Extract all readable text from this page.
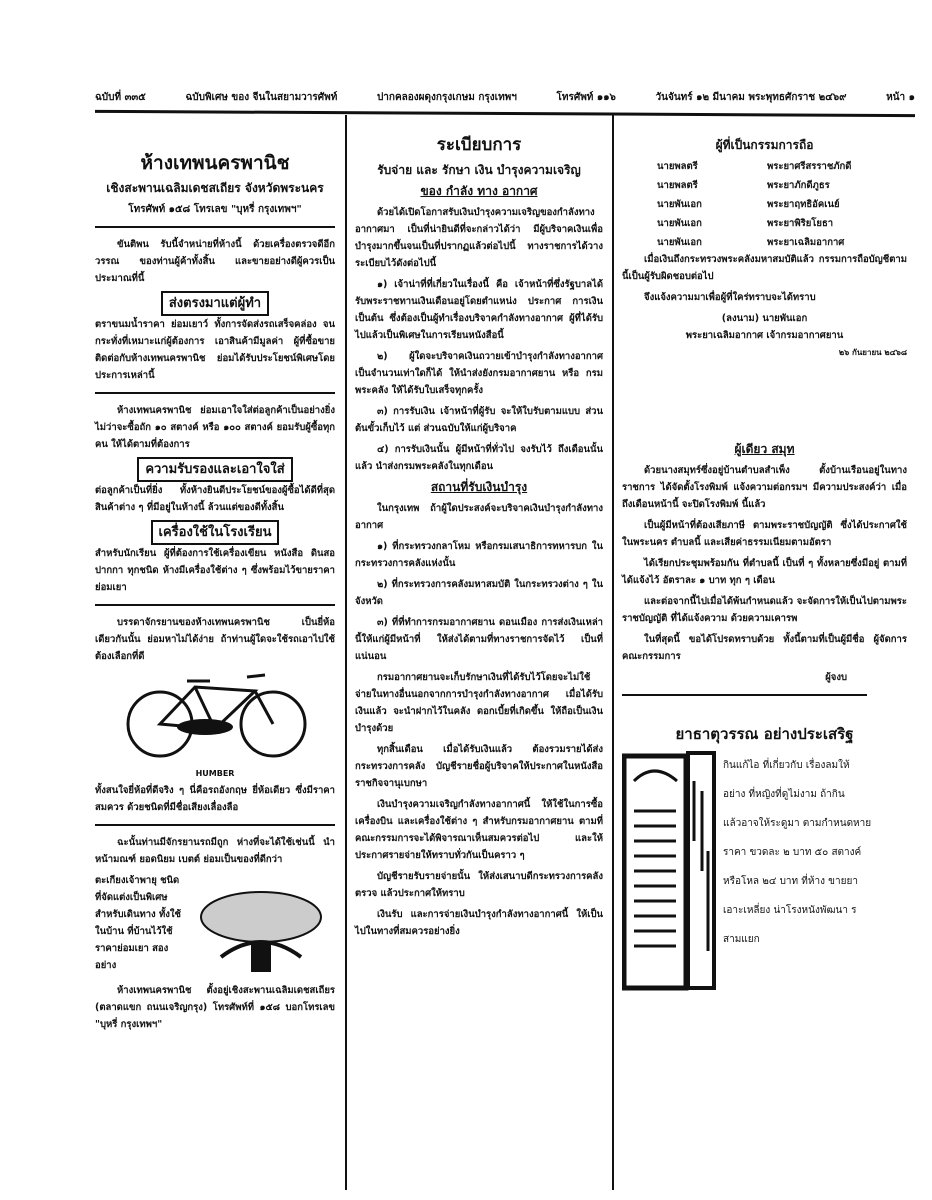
ฉบับที่ ๓๓๕	ฉบับพิเศษ ของ จีนในสยามวารศัพท์	ปากคลองผดุงกรุงเกษม กรุงเทพฯ	โทรศัพท์ ๑๑๖	วันจันทร์ ๑๒ มีนาคม พระพุทธศักราช ๒๔๖๙	หน้า ๑
ห้างเทพนครพานิช
เชิงสะพานเฉลิมเดชสเถียร จังหวัดพระนคร
โทรศัพท์ ๑๕๘ โทรเลข "บุหรี่ กรุงเทพฯ"

ขันติพน รับนี้จำหน่ายที่ห้างนี้ ด้วยเครื่องตรวจดีอีกวรรณ ของท่านผู้ค้าทั้งสิ้น และขายอย่างดีผู้ควรเป็นประมาณที่นี้

ส่งตรงมาแต่ผู้ทำ

ตราขนมน้ำราคา ย่อมเยาว์ ทั้งการจัดส่งรถเสร็จคล่อง จนกระทั่งที่เหมาะแก่ผู้ต้องการ เอาสินค้ามีมูลค่า ผู้ที่ซื้อขายติดต่อกับห้างเทพนครพานิช ย่อมได้รับประโยชน์พิเศษโดยประการเหล่านี้

ห้างเทพนครพานิช ย่อมเอาใจใส่ต่อลูกค้าเป็นอย่างยิ่ง ไม่ว่าจะซื้อถัก ๑๐ สตางค์ หรือ ๑๐๐ สตางค์ ยอมรับผู้ซื้อทุกคน ให้ได้ตามที่ต้องการ

ความรับรองและเอาใจใส่

ต่อลูกค้าเป็นที่ยิ่ง ทั้งห้างยินดีประโยชน์ของผู้ซื้อได้ดีที่สุด สินค้าต่าง ๆ ที่มีอยู่ในห้างนี้ ล้วนแต่ของดีทั้งสิ้น

เครื่องใช้ในโรงเรียน

สำหรับนักเรียน ผู้ที่ต้องการใช้เครื่องเขียน หนังสือ ดินสอ ปากกา ทุกชนิด ห้างมีเครื่องใช้ต่าง ๆ ซึ่งพร้อมไว้ขายราคาย่อมเยา

บรรดาจักรยานของห้างเทพนครพานิช เป็นยี่ห้อเดียวกันนั้น ย่อมหาไม่ได้ง่าย ถ้าท่านผู้ใดจะใช้รถเอาไปใช้ต้องเลือกที่ดี

HUMBER

ทั้งสนใจยี่ห้อที่ดีจริง ๆ นี่คือรถอังกฤษ ยี่ห้อเดียว ซึ่งมีราคาสมควร ด้วยชนิดที่มีชื่อเสียงเลื่องลือ

ฉะนั้นท่านมีจักรยานรถมีถูก ห่างที่จะได้ใช้เช่นนี้ นำหน้ามณฑ์ ยอดนิยม เบตต์ ย่อมเป็นของที่ดีกว่า

ตะเกียงเจ้าพายุ ชนิดที่จัดแต่งเป็นพิเศษ สำหรับเดินทาง ทั้งใช้ในบ้าน ที่บ้านไว้ใช้ ราคาย่อมเยา สองอย่าง

ห้างเทพนครพานิช ตั้งอยู่เชิงสะพานเฉลิมเดชสเถียร (ตลาดแขก ถนนเจริญกรุง) โทรศัพท์ที่ ๑๕๘ บอกโทรเลข "บุหรี่ กรุงเทพฯ"

ระเบียบการ
รับจ่าย และ รักษา เงิน บำรุงความเจริญ
ของ กำลัง ทาง อากาศ

ด้วยได้เปิดโอกาสรับเงินบำรุงความเจริญของกำลังทางอากาศมา เป็นที่น่ายินดีที่จะกล่าวได้ว่า มีผู้บริจาคเงินเพื่อบำรุงมากขึ้นจนเป็นที่ปรากฏแล้วต่อไปนี้ ทางราชการได้วางระเบียบไว้ดังต่อไปนี้

๑) เจ้าน่าที่ที่เกี่ยวในเรื่องนี้ คือ เจ้าหน้าที่ซึ่งรัฐบาลได้รับพระราชทานเงินเดือนอยู่โดยตำแหน่ง ประกาศ การเงินเป็นต้น ซึ่งต้องเป็นผู้ทำเรื่องบริจาคกำลังทางอากาศ ผู้ที่ได้รับไปแล้วเป็นพิเศษในการเรียนหนังสือนี้

๒) ผู้ใดจะบริจาคเงินถวายเข้าบำรุงกำลังทางอากาศ เป็นจำนวนเท่าใดก็ได้ ให้นำส่งยังกรมอากาศยาน หรือ กรมพระคลัง ให้ได้รับใบเสร็จทุกครั้ง

๓) การรับเงิน เจ้าหน้าที่ผู้รับ จะให้ใบรับตามแบบ ส่วนต้นขั้วเก็บไว้ แต่ ส่วนฉบับให้แก่ผู้บริจาค

๔) การรับเงินนั้น ผู้มีหน้าที่ทั่วไป จงรับไว้ ถึงเดือนนั้นแล้ว นำส่งกรมพระคลังในทุกเดือน

สถานที่รับเงินบำรุง

ในกรุงเทพ ถ้าผู้ใดประสงค์จะบริจาคเงินบำรุงกำลังทางอากาศ

๑) ที่กระทรวงกลาโหม หรือกรมเสนาธิการทหารบก ในกระทรวงการคลังแห่งนั้น

๒) ที่กระทรวงการคลังมหาสมบัติ ในกระทรวงต่าง ๆ ในจังหวัด

๓) ที่ที่ทำการกรมอากาศยาน ดอนเมือง การส่งเงินเหล่านี้ให้แก่ผู้มีหน้าที่ ให้ส่งได้ตามที่ทางราชการจัดไว้ เป็นที่แน่นอน

กรมอากาศยานจะเก็บรักษาเงินที่ได้รับไว้โดยจะไม่ใช้จ่ายในทางอื่นนอกจากการบำรุงกำลังทางอากาศ เมื่อได้รับเงินแล้ว จะนำฝากไว้ในคลัง ดอกเบี้ยที่เกิดขึ้น ให้ถือเป็นเงินบำรุงด้วย

ทุกสิ้นเดือน เมื่อได้รับเงินแล้ว ต้องรวมรายได้ส่งกระทรวงการคลัง บัญชีรายชื่อผู้บริจาคให้ประกาศในหนังสือราชกิจจานุเบกษา

เงินบำรุงความเจริญกำลังทางอากาศนี้ ให้ใช้ในการซื้อเครื่องบิน และเครื่องใช้ต่าง ๆ สำหรับกรมอากาศยาน ตามที่คณะกรรมการจะได้พิจารณาเห็นสมควรต่อไป และให้ประกาศรายจ่ายให้ทราบทั่วกันเป็นคราว ๆ

บัญชีรายรับรายจ่ายนั้น ให้ส่งเสนาบดีกระทรวงการคลังตรวจ แล้วประกาศให้ทราบ

เงินรับ และการจ่ายเงินบำรุงกำลังทางอากาศนี้ ให้เป็นไปในทางที่สมควรอย่างยิ่ง

ผู้ที่เป็นกรรมการถือ
นายพลตรี	พระยาศรีสรราชภักดี
นายพลตรี	พระยาภักดีภูธร
นายพันเอก	พระยาฤทธิอัคเนย์
นายพันเอก	พระยาพิริยโยธา
นายพันเอก	พระยาเฉลิมอากาศ

เมื่อเงินถึงกระทรวงพระคลังมหาสมบัติแล้ว กรรมการถือบัญชีตามนี้เป็นผู้รับผิดชอบต่อไป

จึงแจ้งความมาเพื่อผู้ที่ใคร่ทราบจะได้ทราบ

(ลงนาม) นายพันเอก
พระยาเฉลิมอากาศ เจ้ากรมอากาศยาน
๒๖ กันยายน ๒๔๖๘
ผู้เดียว สมุท

ด้วยนางสมุทร์ซึ่งอยู่บ้านตำบลสำเพ็ง ตั้งบ้านเรือนอยู่ในทางราชการ ได้จัดตั้งโรงพิมพ์ แจ้งความต่อกรมฯ มีความประสงค์ว่า เมื่อถึงเดือนหน้านี้ จะปิดโรงพิมพ์ นี้แล้ว

เป็นผู้มีหน้าที่ต้องเสียภาษี ตามพระราชบัญญัติ ซึ่งได้ประกาศใช้ ในพระนคร ตำบลนี้ และเสียค่าธรรมเนียมตามอัตรา

ได้เรียกประชุมพร้อมกัน ที่ตำบลนี้ เป็นที่ ๆ ทั้งหลายซึ่งมีอยู่ ตามที่ได้แจ้งไว้ อัตราละ ๑ บาท ทุก ๆ เดือน

และต่อจากนี้ไปเมื่อได้พ้นกำหนดแล้ว จะจัดการให้เป็นไปตามพระราชบัญญัติ ที่ได้แจ้งความ ด้วยความเคารพ

ในที่สุดนี้ ขอได้โปรดทราบด้วย ทั้งนี้ตามที่เป็นผู้มีชื่อ ผู้จัดการ คณะกรรมการ

ผู้จงบ
ยาธาตุวรรณ อย่างประเสริฐ
กินแก้ไอ ที่เกี่ยวกับ เรื่องลมให้
อย่าง ที่หญิงที่ดูไม่งาม ถ้ากิน
แล้วอาจให้ระดูมา ตามกำหนดหาย
ราคา ขวดละ ๒ บาท ๕๐ สตางค์
หรือโหล ๒๔ บาท ที่ห้าง ขายยา
เอาะเหลี่ยง น่าโรงหนังพัฒนา ร
สามแยก
